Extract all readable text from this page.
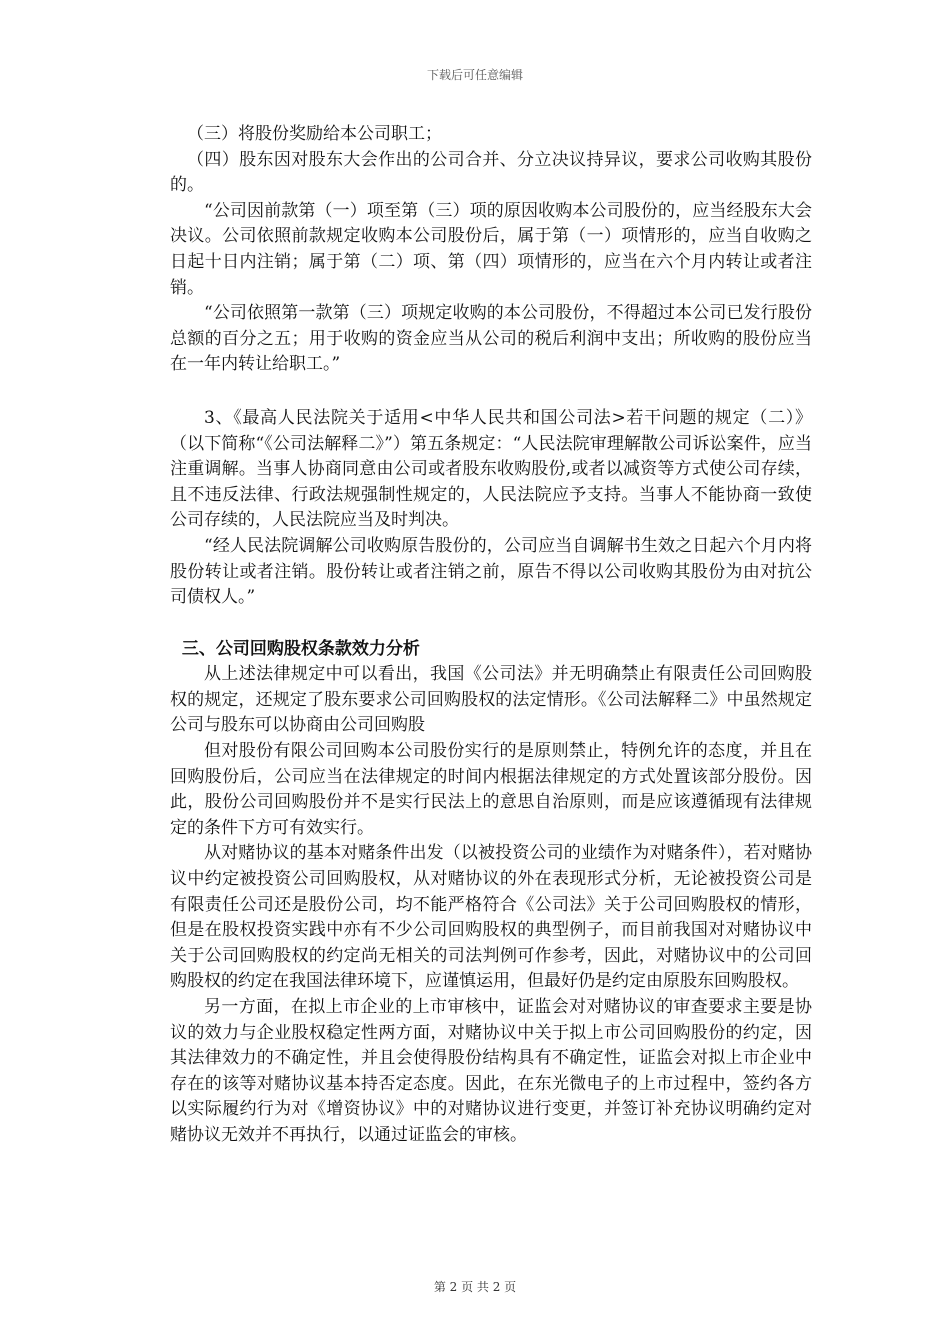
下载后可任意编辑

（三）将股份奖励给本公司职工；

（四）股东因对股东大会作出的公司合并、分立决议持异议，要求公司收购其股份的。

“公司因前款第（一）项至第（三）项的原因收购本公司股份的，应当经股东大会决议。公司依照前款规定收购本公司股份后，属于第（一）项情形的，应当自收购之日起十日内注销；属于第（二）项、第（四）项情形的，应当在六个月内转让或者注销。

“公司依照第一款第（三）项规定收购的本公司股份，不得超过本公司已发行股份总额的百分之五；用于收购的资金应当从公司的税后利润中支出；所收购的股份应当在一年内转让给职工。”

3、《最高人民法院关于适用<中华人民共和国公司法>若干问题的规定（二）》（以下简称“《公司法解释二》”）第五条规定：“人民法院审理解散公司诉讼案件，应当注重调解。当事人协商同意由公司或者股东收购股份,或者以减资等方式使公司存续，且不违反法律、行政法规强制性规定的，人民法院应予支持。当事人不能协商一致使公司存续的，人民法院应当及时判决。

“经人民法院调解公司收购原告股份的，公司应当自调解书生效之日起六个月内将股份转让或者注销。股份转让或者注销之前，原告不得以公司收购其股份为由对抗公司债权人。”

三、公司回购股权条款效力分析

从上述法律规定中可以看出，我国《公司法》并无明确禁止有限责任公司回购股权的规定，还规定了股东要求公司回购股权的法定情形。《公司法解释二》中虽然规定公司与股东可以协商由公司回购股

但对股份有限公司回购本公司股份实行的是原则禁止，特例允许的态度，并且在回购股份后，公司应当在法律规定的时间内根据法律规定的方式处置该部分股份。因此，股份公司回购股份并不是实行民法上的意思自治原则，而是应该遵循现有法律规定的条件下方可有效实行。

从对赌协议的基本对赌条件出发（以被投资公司的业绩作为对赌条件），若对赌协议中约定被投资公司回购股权，从对赌协议的外在表现形式分析，无论被投资公司是有限责任公司还是股份公司，均不能严格符合《公司法》关于公司回购股权的情形，但是在股权投资实践中亦有不少公司回购股权的典型例子，而目前我国对对赌协议中关于公司回购股权的约定尚无相关的司法判例可作参考，因此，对赌协议中的公司回购股权的约定在我国法律环境下，应谨慎运用，但最好仍是约定由原股东回购股权。

另一方面，在拟上市企业的上市审核中，证监会对对赌协议的审查要求主要是协议的效力与企业股权稳定性两方面，对赌协议中关于拟上市公司回购股份的约定，因其法律效力的不确定性，并且会使得股份结构具有不确定性，证监会对拟上市企业中存在的该等对赌协议基本持否定态度。因此，在东光微电子的上市过程中，签约各方以实际履约行为对《增资协议》中的对赌协议进行变更，并签订补充协议明确约定对赌协议无效并不再执行，以通过证监会的审核。

第 2 页 共 2 页
